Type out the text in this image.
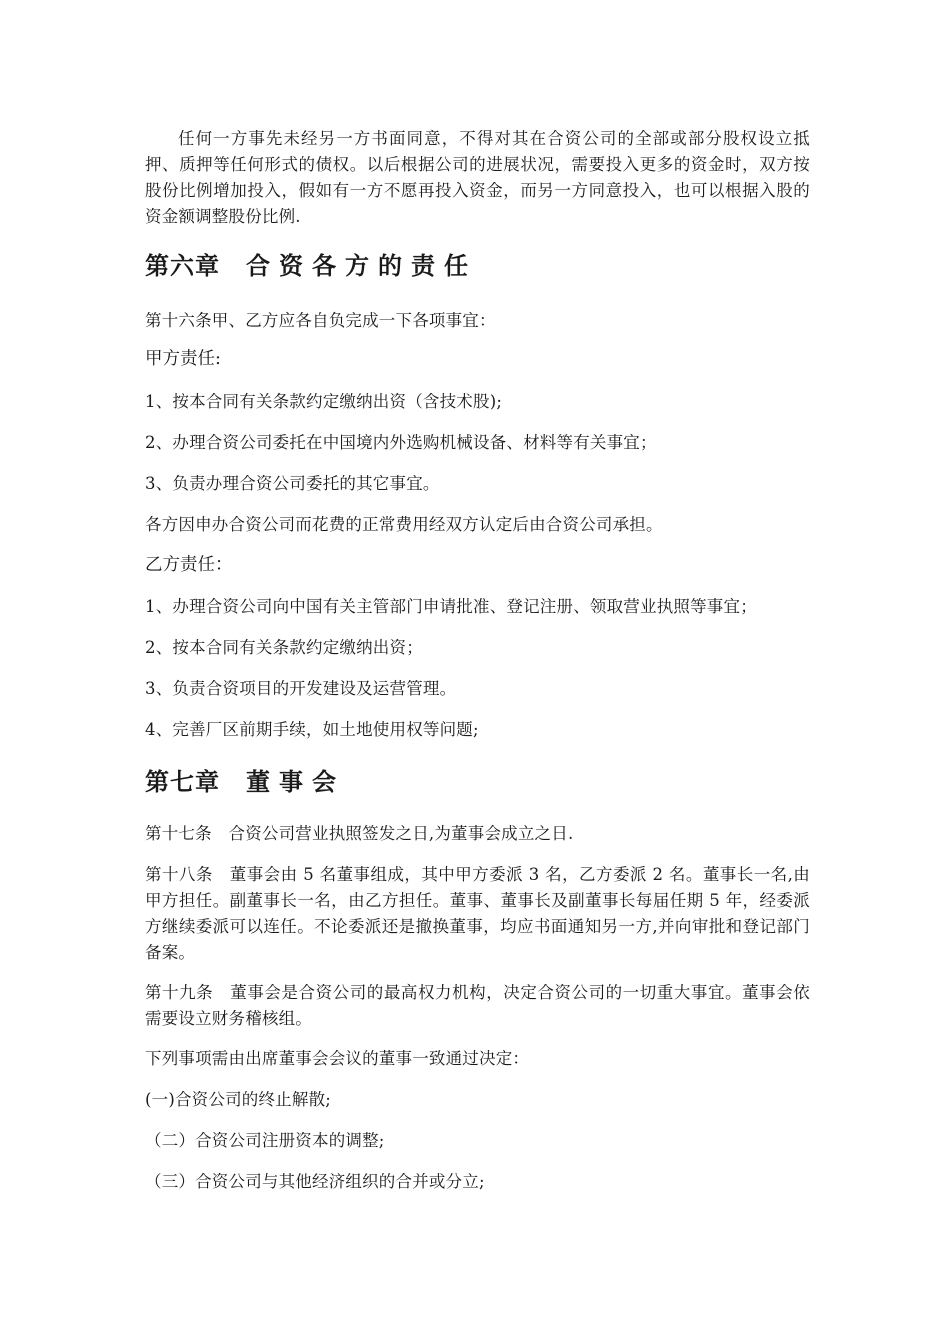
任何一方事先未经另一方书面同意，不得对其在合资公司的全部或部分股权设立抵押、质押等任何形式的债权。以后根据公司的进展状况，需要投入更多的资金时，双方按股份比例增加投入，假如有一方不愿再投入资金，而另一方同意投入，也可以根据入股的资金额调整股份比例.

第六章 合资各方的责任

第十六条甲、乙方应各自负完成一下各项事宜：

甲方责任:

1、按本合同有关条款约定缴纳出资（含技术股);

2、办理合资公司委托在中国境内外选购机械设备、材料等有关事宜；

3、负责办理合资公司委托的其它事宜。

各方因申办合资公司而花费的正常费用经双方认定后由合资公司承担。

乙方责任：

1、办理合资公司向中国有关主管部门申请批准、登记注册、领取营业执照等事宜；

2、按本合同有关条款约定缴纳出资；

3、负责合资项目的开发建设及运营管理。

4、完善厂区前期手续，如土地使用权等问题;

第七章 董事会

第十七条　合资公司营业执照签发之日,为董事会成立之日.

第十八条　董事会由 5 名董事组成，其中甲方委派 3 名，乙方委派 2 名。董事长一名,由甲方担任。副董事长一名，由乙方担任。董事、董事长及副董事长每届任期 5 年，经委派方继续委派可以连任。不论委派还是撤换董事，均应书面通知另一方,并向审批和登记部门备案。

第十九条　董事会是合资公司的最高权力机构，决定合资公司的一切重大事宜。董事会依需要设立财务稽核组。

下列事项需由出席董事会会议的董事一致通过决定：

(一)合资公司的终止解散;

（二）合资公司注册资本的调整;

（三）合资公司与其他经济组织的合并或分立;
